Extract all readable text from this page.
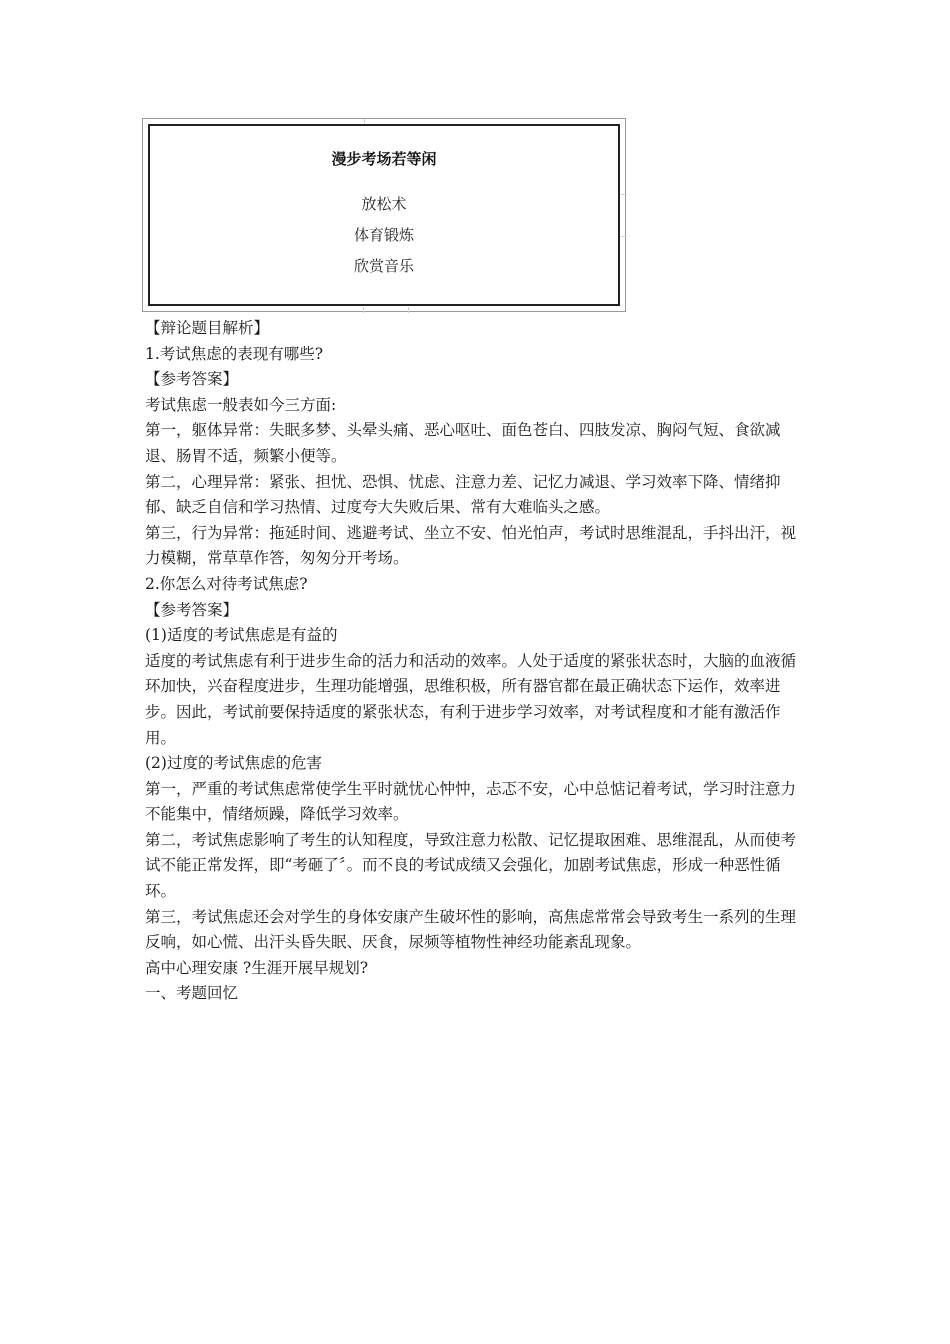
漫步考场若等闲
放松术
体育锻炼
欣赏音乐

【辩论题目解析】

1.考试焦虑的表现有哪些?

【参考答案】

考试焦虑一般表如今三方面:

第一，躯体异常：失眠多梦、头晕头痛、恶心呕吐、面色苍白、四肢发凉、胸闷气短、食欲减退、肠胃不适，频繁小便等。

第二，心理异常：紧张、担忧、恐惧、忧虑、注意力差、记忆力减退、学习效率下降、情绪抑郁、缺乏自信和学习热情、过度夸大失败后果、常有大难临头之感。

第三，行为异常：拖延时间、逃避考试、坐立不安、怕光怕声，考试时思维混乱，手抖出汗，视力模糊，常草草作答，匆匆分开考场。

2.你怎么对待考试焦虑?

【参考答案】

(1)适度的考试焦虑是有益的

适度的考试焦虑有利于进步生命的活力和活动的效率。人处于适度的紧张状态时，大脑的血液循环加快，兴奋程度进步，生理功能增强，思维积极，所有器官都在最正确状态下运作，效率进步。因此，考试前要保持适度的紧张状态，有利于进步学习效率，对考试程度和才能有激活作用。

(2)过度的考试焦虑的危害

第一，严重的考试焦虑常使学生平时就忧心忡忡，忐忑不安，心中总惦记着考试，学习时注意力不能集中，情绪烦躁，降低学习效率。

第二，考试焦虑影响了考生的认知程度，导致注意力松散、记忆提取困难、思维混乱，从而使考试不能正常发挥，即“考砸了〞。而不良的考试成绩又会强化，加剧考试焦虑，形成一种恶性循环。

第三，考试焦虑还会对学生的身体安康产生破坏性的影响，高焦虑常常会导致考生一系列的生理反响，如心慌、出汗头昏失眠、厌食，尿频等植物性神经功能紊乱现象。

高中心理安康 ?生涯开展早规划?

一、考题回忆
